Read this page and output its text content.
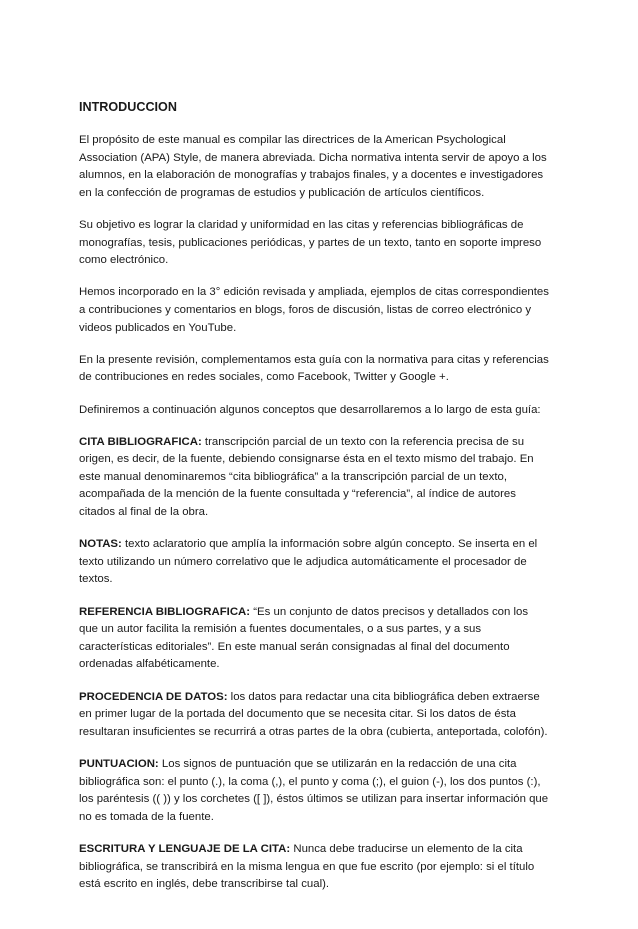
INTRODUCCION

El propósito de este manual es compilar las directrices de la American Psychological Association (APA) Style, de manera abreviada. Dicha normativa intenta servir de apoyo a los alumnos, en la elaboración de monografías y trabajos finales, y a docentes e investigadores en la confección de programas de estudios y publicación de artículos científicos.

Su objetivo es lograr la claridad y uniformidad en las citas y referencias bibliográficas de monografías, tesis, publicaciones periódicas, y partes de un texto, tanto en soporte impreso como electrónico.

Hemos incorporado en la 3° edición revisada y ampliada, ejemplos de citas correspondientes a contribuciones y comentarios en blogs, foros de discusión, listas de correo electrónico y videos publicados en YouTube.

En la presente revisión, complementamos esta guía con la normativa para citas y referencias de contribuciones en redes sociales, como Facebook, Twitter y Google +.

Definiremos a continuación algunos conceptos que desarrollaremos a lo largo de esta guía:

CITA BIBLIOGRAFICA: transcripción parcial de un texto con la referencia precisa de su origen, es decir, de la fuente, debiendo consignarse ésta en el texto mismo del trabajo. En este manual denominaremos “cita bibliográfica” a la transcripción parcial de un texto, acompañada de la mención de la fuente consultada y “referencia”, al índice de autores citados al final de la obra.

NOTAS: texto aclaratorio que amplía la información sobre algún concepto. Se inserta en el texto utilizando un número correlativo que le adjudica automáticamente el procesador de textos.

REFERENCIA BIBLIOGRAFICA: “Es un conjunto de datos precisos y detallados con los que un autor facilita la remisión a fuentes documentales, o a sus partes, y a sus características editoriales”. En este manual serán consignadas al final del documento ordenadas alfabéticamente.

PROCEDENCIA DE DATOS: los datos para redactar una cita bibliográfica deben extraerse en primer lugar de la portada del documento que se necesita citar. Si los datos de ésta resultaran insuficientes se recurrirá a otras partes de la obra (cubierta, anteportada, colofón).

PUNTUACION: Los signos de puntuación que se utilizarán en la redacción de una cita bibliográfica son: el punto (.), la coma (,), el punto y coma (;), el guion (-), los dos puntos (:), los paréntesis (( )) y los corchetes ([ ]), éstos últimos se utilizan para insertar información que no es tomada de la fuente.

ESCRITURA Y LENGUAJE DE LA CITA: Nunca debe traducirse un elemento de la cita bibliográfica, se transcribirá en la misma lengua en que fue escrito (por ejemplo: si el título está escrito en inglés, debe transcribirse tal cual).
